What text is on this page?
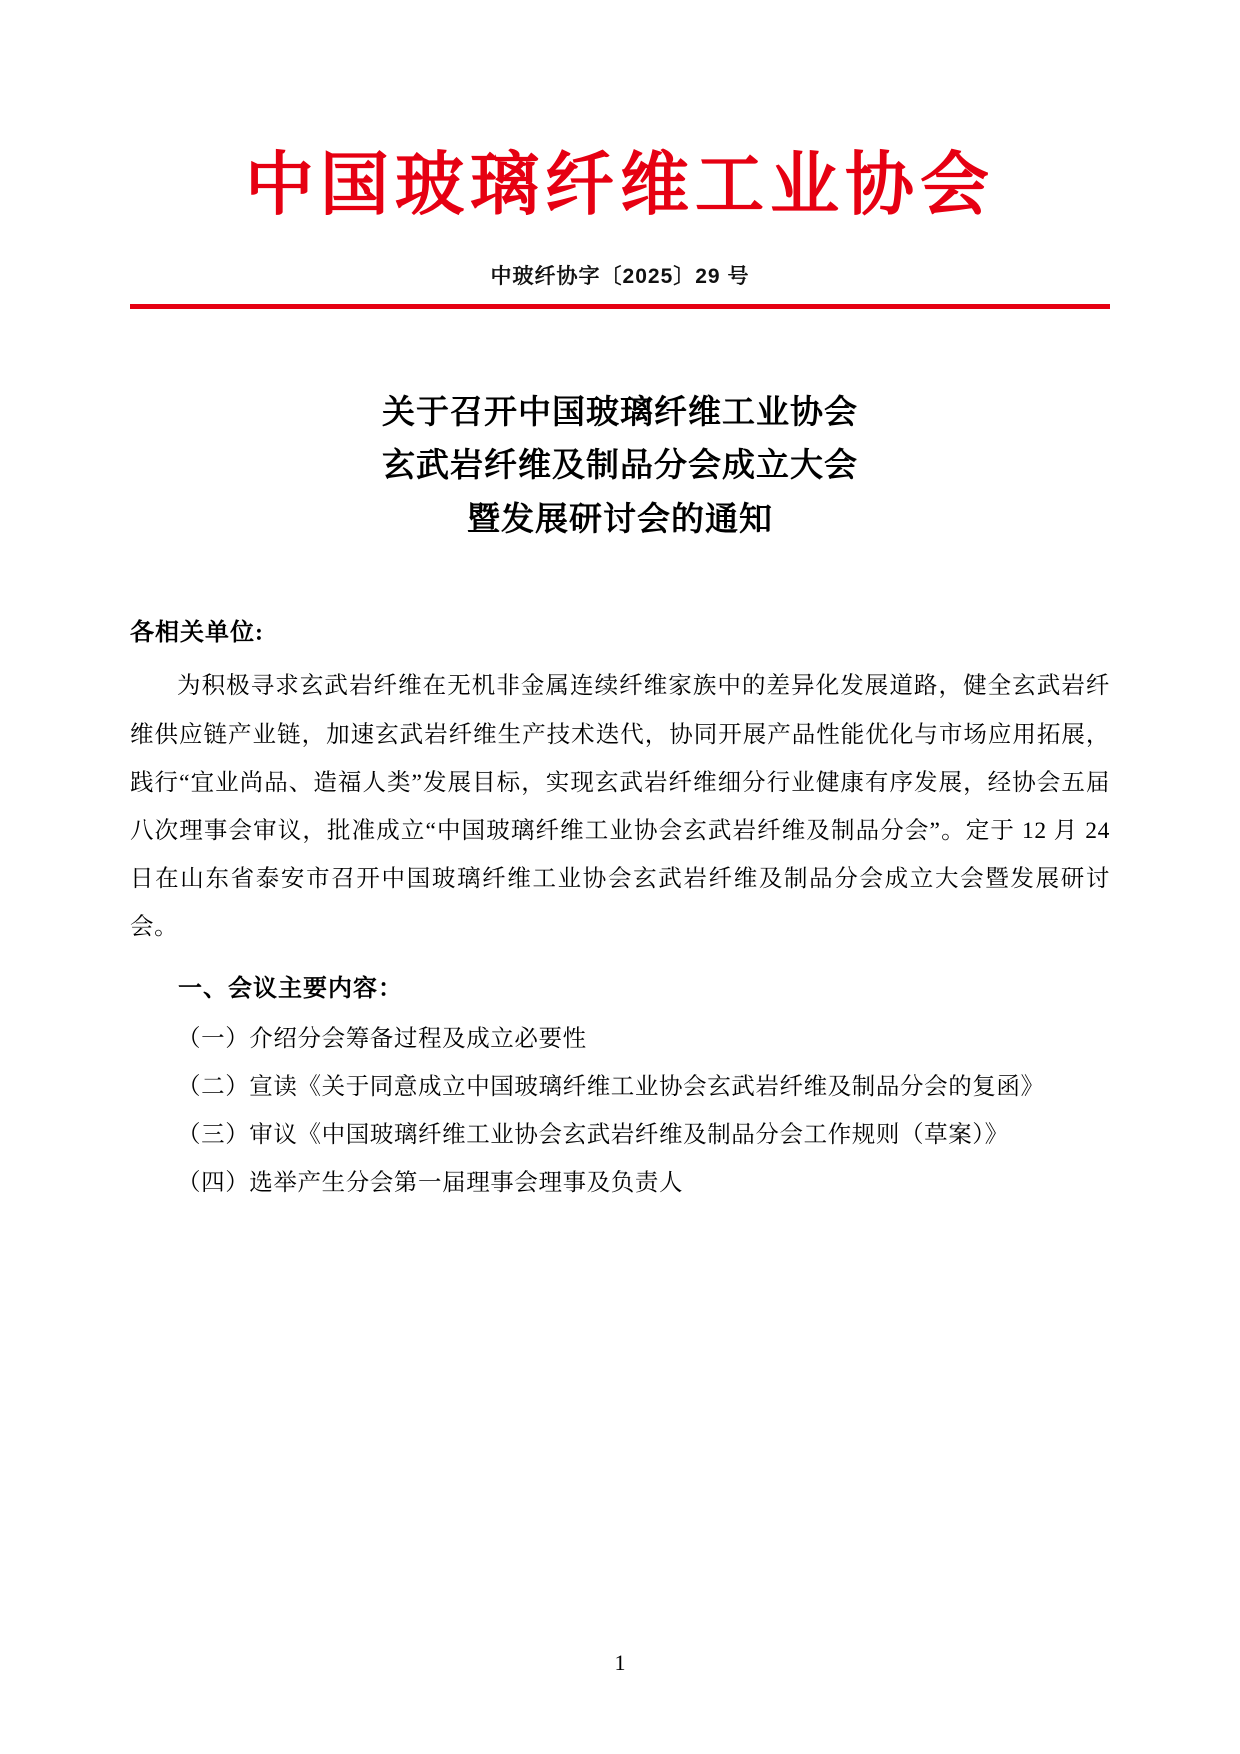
中国玻璃纤维工业协会
中玻纤协字〔2025〕29 号
关于召开中国玻璃纤维工业协会
玄武岩纤维及制品分会成立大会
暨发展研讨会的通知
各相关单位:

为积极寻求玄武岩纤维在无机非金属连续纤维家族中的差异化发展道路，健全玄武岩纤维供应链产业链，加速玄武岩纤维生产技术迭代，协同开展产品性能优化与市场应用拓展，践行“宜业尚品、造福人类”发展目标，实现玄武岩纤维细分行业健康有序发展，经协会五届八次理事会审议，批准成立“中国玻璃纤维工业协会玄武岩纤维及制品分会”。定于 12 月 24 日在山东省泰安市召开中国玻璃纤维工业协会玄武岩纤维及制品分会成立大会暨发展研讨会。

一、会议主要内容：

（一）介绍分会筹备过程及成立必要性

（二）宣读《关于同意成立中国玻璃纤维工业协会玄武岩纤维及制品分会的复函》

（三）审议《中国玻璃纤维工业协会玄武岩纤维及制品分会工作规则（草案）》

（四）选举产生分会第一届理事会理事及负责人

1
